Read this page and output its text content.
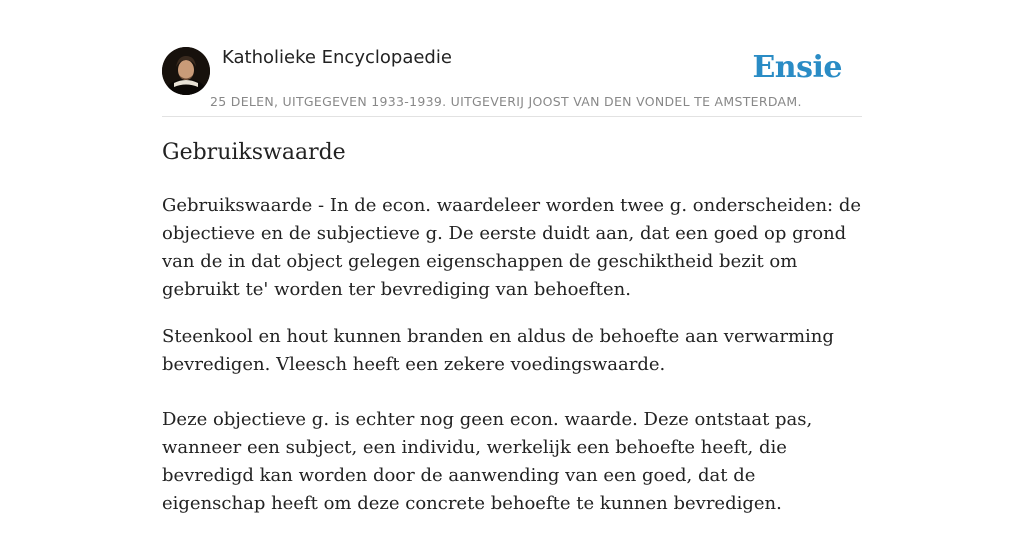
Katholieke Encyclopaedie
25 DELEN, UITGEGEVEN 1933-1939. UITGEVERIJ JOOST VAN DEN VONDEL TE AMSTERDAM.
Ensie
Gebruikswaarde

Gebruikswaarde - In de econ. waardeleer worden twee g. onderscheiden: de objectieve en de subjectieve g. De eerste duidt aan, dat een goed op grond van de in dat object gelegen eigenschappen de geschiktheid bezit om gebruikt te' worden ter bevrediging van behoeften.

Steenkool en hout kunnen branden en aldus de behoefte aan verwarming bevredigen. Vleesch heeft een zekere voedingswaarde.

Deze objectieve g. is echter nog geen econ. waarde. Deze ontstaat pas, wanneer een subject, een individu, werkelijk een behoefte heeft, die bevredigd kan worden door de aanwending van een goed, dat de eigenschap heeft om deze concrete behoefte te kunnen bevredigen.
